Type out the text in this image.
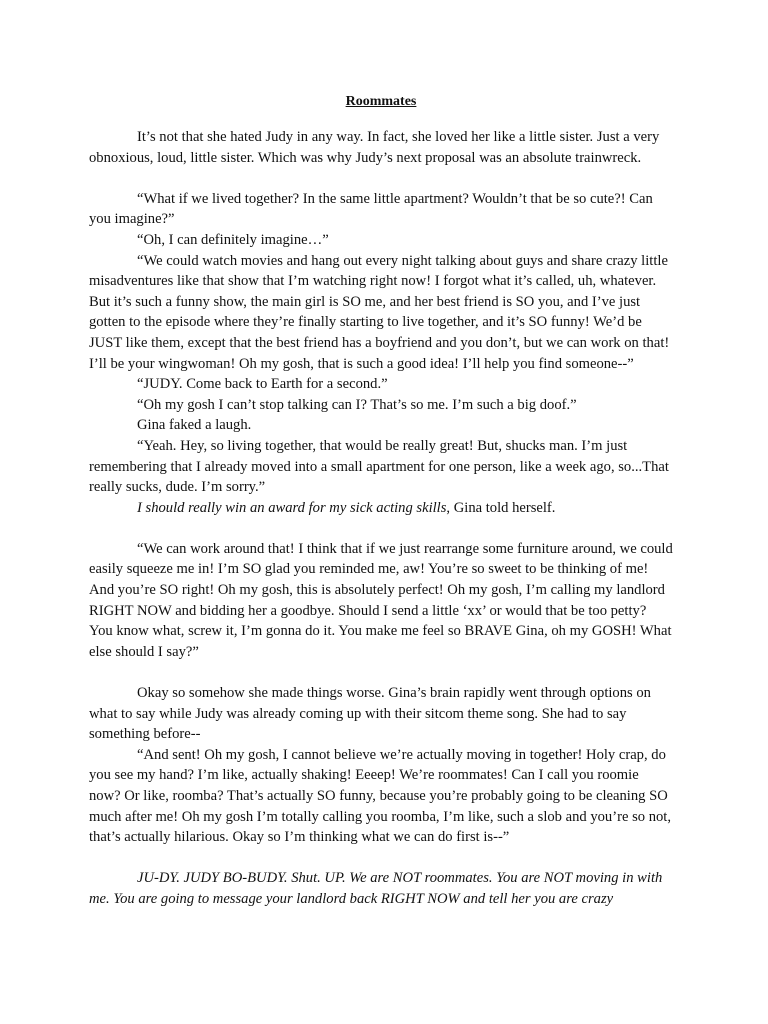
Roommates

It’s not that she hated Judy in any way. In fact, she loved her like a little sister. Just a very obnoxious, loud, little sister. Which was why Judy’s next proposal was an absolute trainwreck.

“What if we lived together? In the same little apartment? Wouldn’t that be so cute?! Can you imagine?”

“Oh, I can definitely imagine…”

“We could watch movies and hang out every night talking about guys and share crazy little misadventures like that show that I’m watching right now! I forgot what it’s called, uh, whatever. But it’s such a funny show, the main girl is SO me, and her best friend is SO you, and I’ve just gotten to the episode where they’re finally starting to live together, and it’s SO funny! We’d be JUST like them, except that the best friend has a boyfriend and you don’t, but we can work on that! I’ll be your wingwoman! Oh my gosh, that is such a good idea! I’ll help you find someone--”

“JUDY. Come back to Earth for a second.”

“Oh my gosh I can’t stop talking can I? That’s so me. I’m such a big doof.”

Gina faked a laugh.

“Yeah. Hey, so living together, that would be really great! But, shucks man. I’m just remembering that I already moved into a small apartment for one person, like a week ago, so...That really sucks, dude. I’m sorry.”

I should really win an award for my sick acting skills, Gina told herself.

“We can work around that! I think that if we just rearrange some furniture around, we could easily squeeze me in! I’m SO glad you reminded me, aw! You’re so sweet to be thinking of me! And you’re SO right! Oh my gosh, this is absolutely perfect! Oh my gosh, I’m calling my landlord RIGHT NOW and bidding her a goodbye. Should I send a little ‘xx’ or would that be too petty? You know what, screw it, I’m gonna do it. You make me feel so BRAVE Gina, oh my GOSH! What else should I say?”

Okay so somehow she made things worse. Gina’s brain rapidly went through options on what to say while Judy was already coming up with their sitcom theme song. She had to say something before--

“And sent! Oh my gosh, I cannot believe we’re actually moving in together! Holy crap, do you see my hand? I’m like, actually shaking! Eeeep! We’re roommates! Can I call you roomie now? Or like, roomba? That’s actually SO funny, because you’re probably going to be cleaning SO much after me! Oh my gosh I’m totally calling you roomba, I’m like, such a slob and you’re so not, that’s actually hilarious. Okay so I’m thinking what we can do first is--”

JU-DY. JUDY BO-BUDY. Shut. UP. We are NOT roommates. You are NOT moving in with me. You are going to message your landlord back RIGHT NOW and tell her you are crazy
